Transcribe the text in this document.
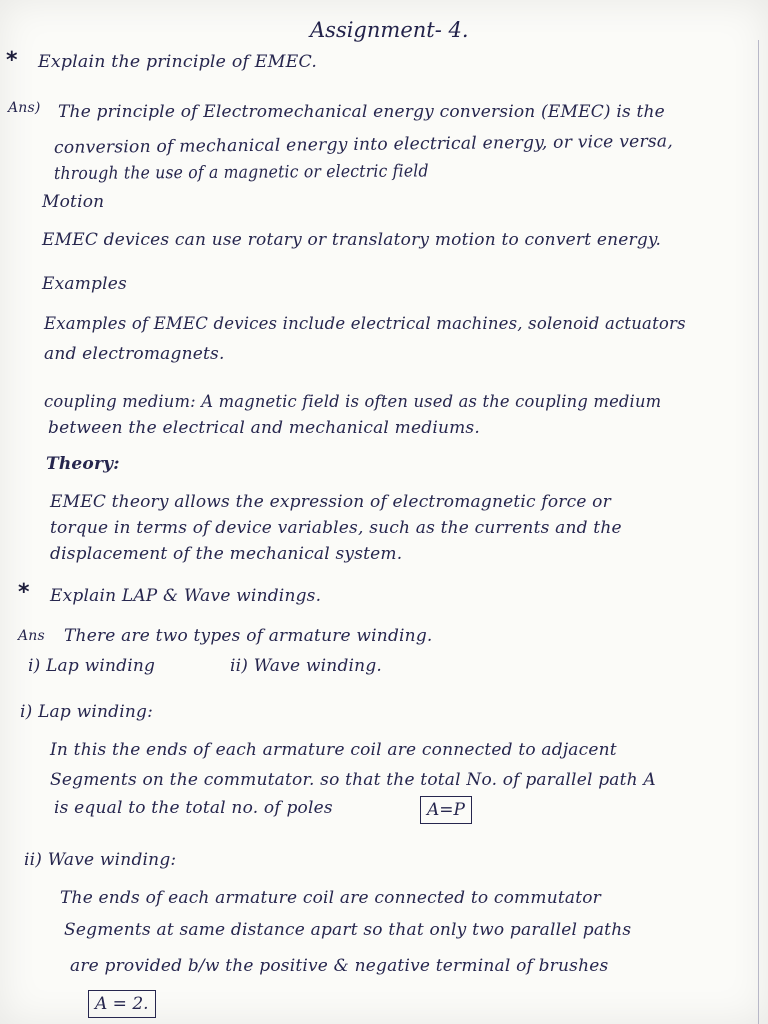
Assignment- 4.
* Explain the principle of EMEC.
Ans) The principle of Electromechanical energy conversion (EMEC) is the
conversion of mechanical energy into electrical energy, or vice versa,
through the use of a magnetic or electric field
Motion
EMEC devices can use rotary or translatory motion to convert energy.
Examples
Examples of EMEC devices include electrical machines, solenoid actuators
and electromagnets.
coupling medium: A magnetic field is often used as the coupling medium
between the electrical and mechanical mediums.
Theory:
EMEC theory allows the expression of electromagnetic force or
torque in terms of device variables, such as the currents and the
displacement of the mechanical system.
* Explain LAP & Wave windings.
Ans There are two types of armature winding.
i) Lap winding	ii) Wave winding.
i) Lap winding:
In this the ends of each armature coil are connected to adjacent
Segments on the commutator. so that the total No. of parallel path A
is equal to the total no. of poles	A=P
ii) Wave winding:
The ends of each armature coil are connected to commutator
Segments at same distance apart so that only two parallel paths
are provided b/w the positive & negative terminal of brushes
A = 2.
